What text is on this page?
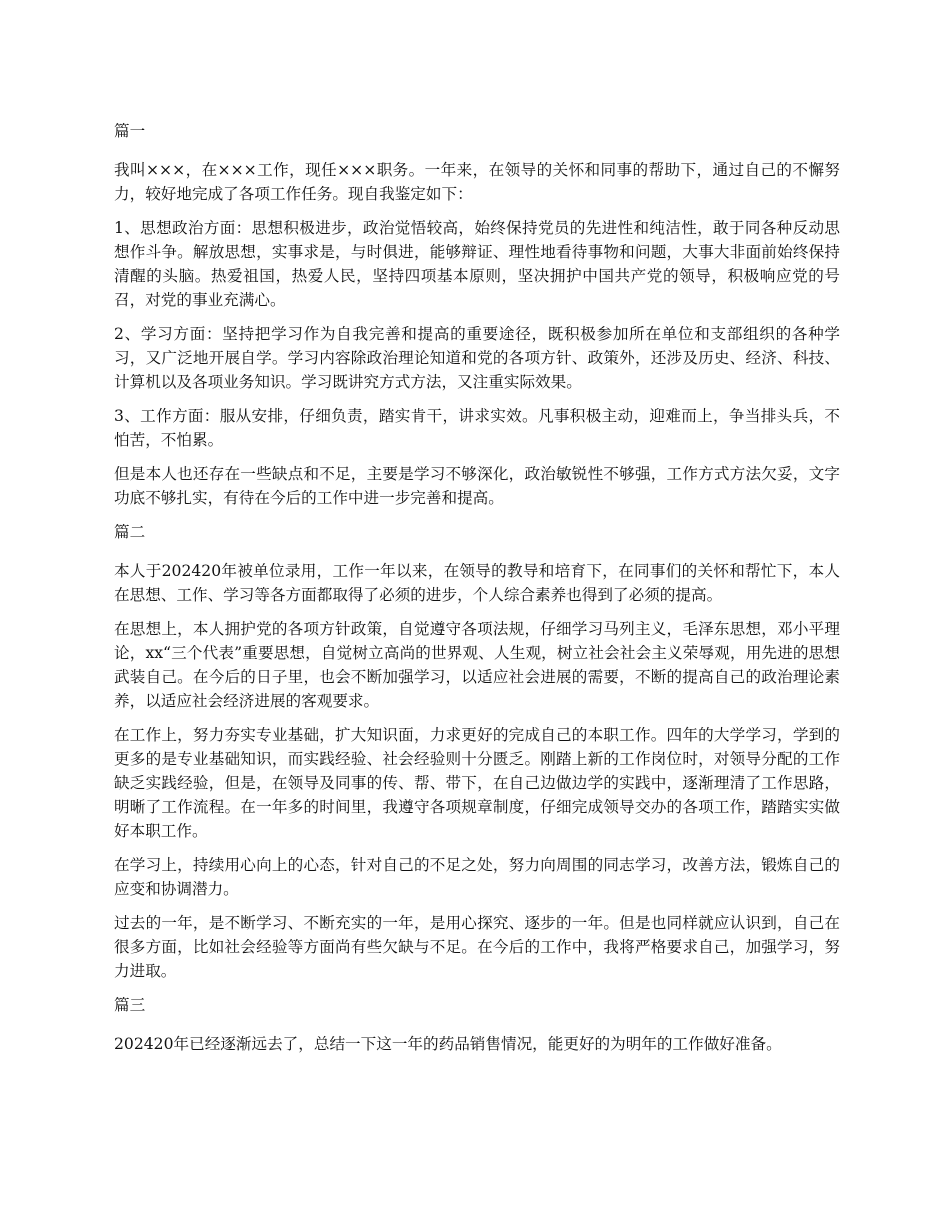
篇一
我叫×××，在×××工作，现任×××职务。一年来，在领导的关怀和同事的帮助下，通过自己的不懈努力，较好地完成了各项工作任务。现自我鉴定如下：
1、思想政治方面：思想积极进步，政治觉悟较高，始终保持党员的先进性和纯洁性，敢于同各种反动思想作斗争。解放思想，实事求是，与时俱进，能够辩证、理性地看待事物和问题，大事大非面前始终保持清醒的头脑。热爱祖国，热爱人民，坚持四项基本原则，坚决拥护中国共产党的领导，积极响应党的号召，对党的事业充满心。
2、学习方面：坚持把学习作为自我完善和提高的重要途径，既积极参加所在单位和支部组织的各种学习，又广泛地开展自学。学习内容除政治理论知道和党的各项方针、政策外，还涉及历史、经济、科技、计算机以及各项业务知识。学习既讲究方式方法，又注重实际效果。
3、工作方面：服从安排，仔细负责，踏实肯干，讲求实效。凡事积极主动，迎难而上，争当排头兵，不怕苦，不怕累。
但是本人也还存在一些缺点和不足，主要是学习不够深化，政治敏锐性不够强，工作方式方法欠妥，文字功底不够扎实，有待在今后的工作中进一步完善和提高。
篇二
本人于202420年被单位录用，工作一年以来，在领导的教导和培育下，在同事们的关怀和帮忙下，本人在思想、工作、学习等各方面都取得了必须的进步，个人综合素养也得到了必须的提高。
在思想上，本人拥护党的各项方针政策，自觉遵守各项法规，仔细学习马列主义，毛泽东思想，邓小平理论，xx“三个代表”重要思想，自觉树立高尚的世界观、人生观，树立社会社会主义荣辱观，用先进的思想武装自己。在今后的日子里，也会不断加强学习，以适应社会进展的需要，不断的提高自己的政治理论素养，以适应社会经济进展的客观要求。
在工作上，努力夯实专业基础，扩大知识面，力求更好的完成自己的本职工作。四年的大学学习，学到的更多的是专业基础知识，而实践经验、社会经验则十分匮乏。刚踏上新的工作岗位时，对领导分配的工作缺乏实践经验，但是，在领导及同事的传、帮、带下，在自己边做边学的实践中，逐渐理清了工作思路，明晰了工作流程。在一年多的时间里，我遵守各项规章制度，仔细完成领导交办的各项工作，踏踏实实做好本职工作。
在学习上，持续用心向上的心态，针对自己的不足之处，努力向周围的同志学习，改善方法，锻炼自己的应变和协调潜力。
过去的一年，是不断学习、不断充实的一年，是用心探究、逐步的一年。但是也同样就应认识到，自己在很多方面，比如社会经验等方面尚有些欠缺与不足。在今后的工作中，我将严格要求自己，加强学习，努力进取。
篇三
202420年已经逐渐远去了，总结一下这一年的药品销售情况，能更好的为明年的工作做好准备。
